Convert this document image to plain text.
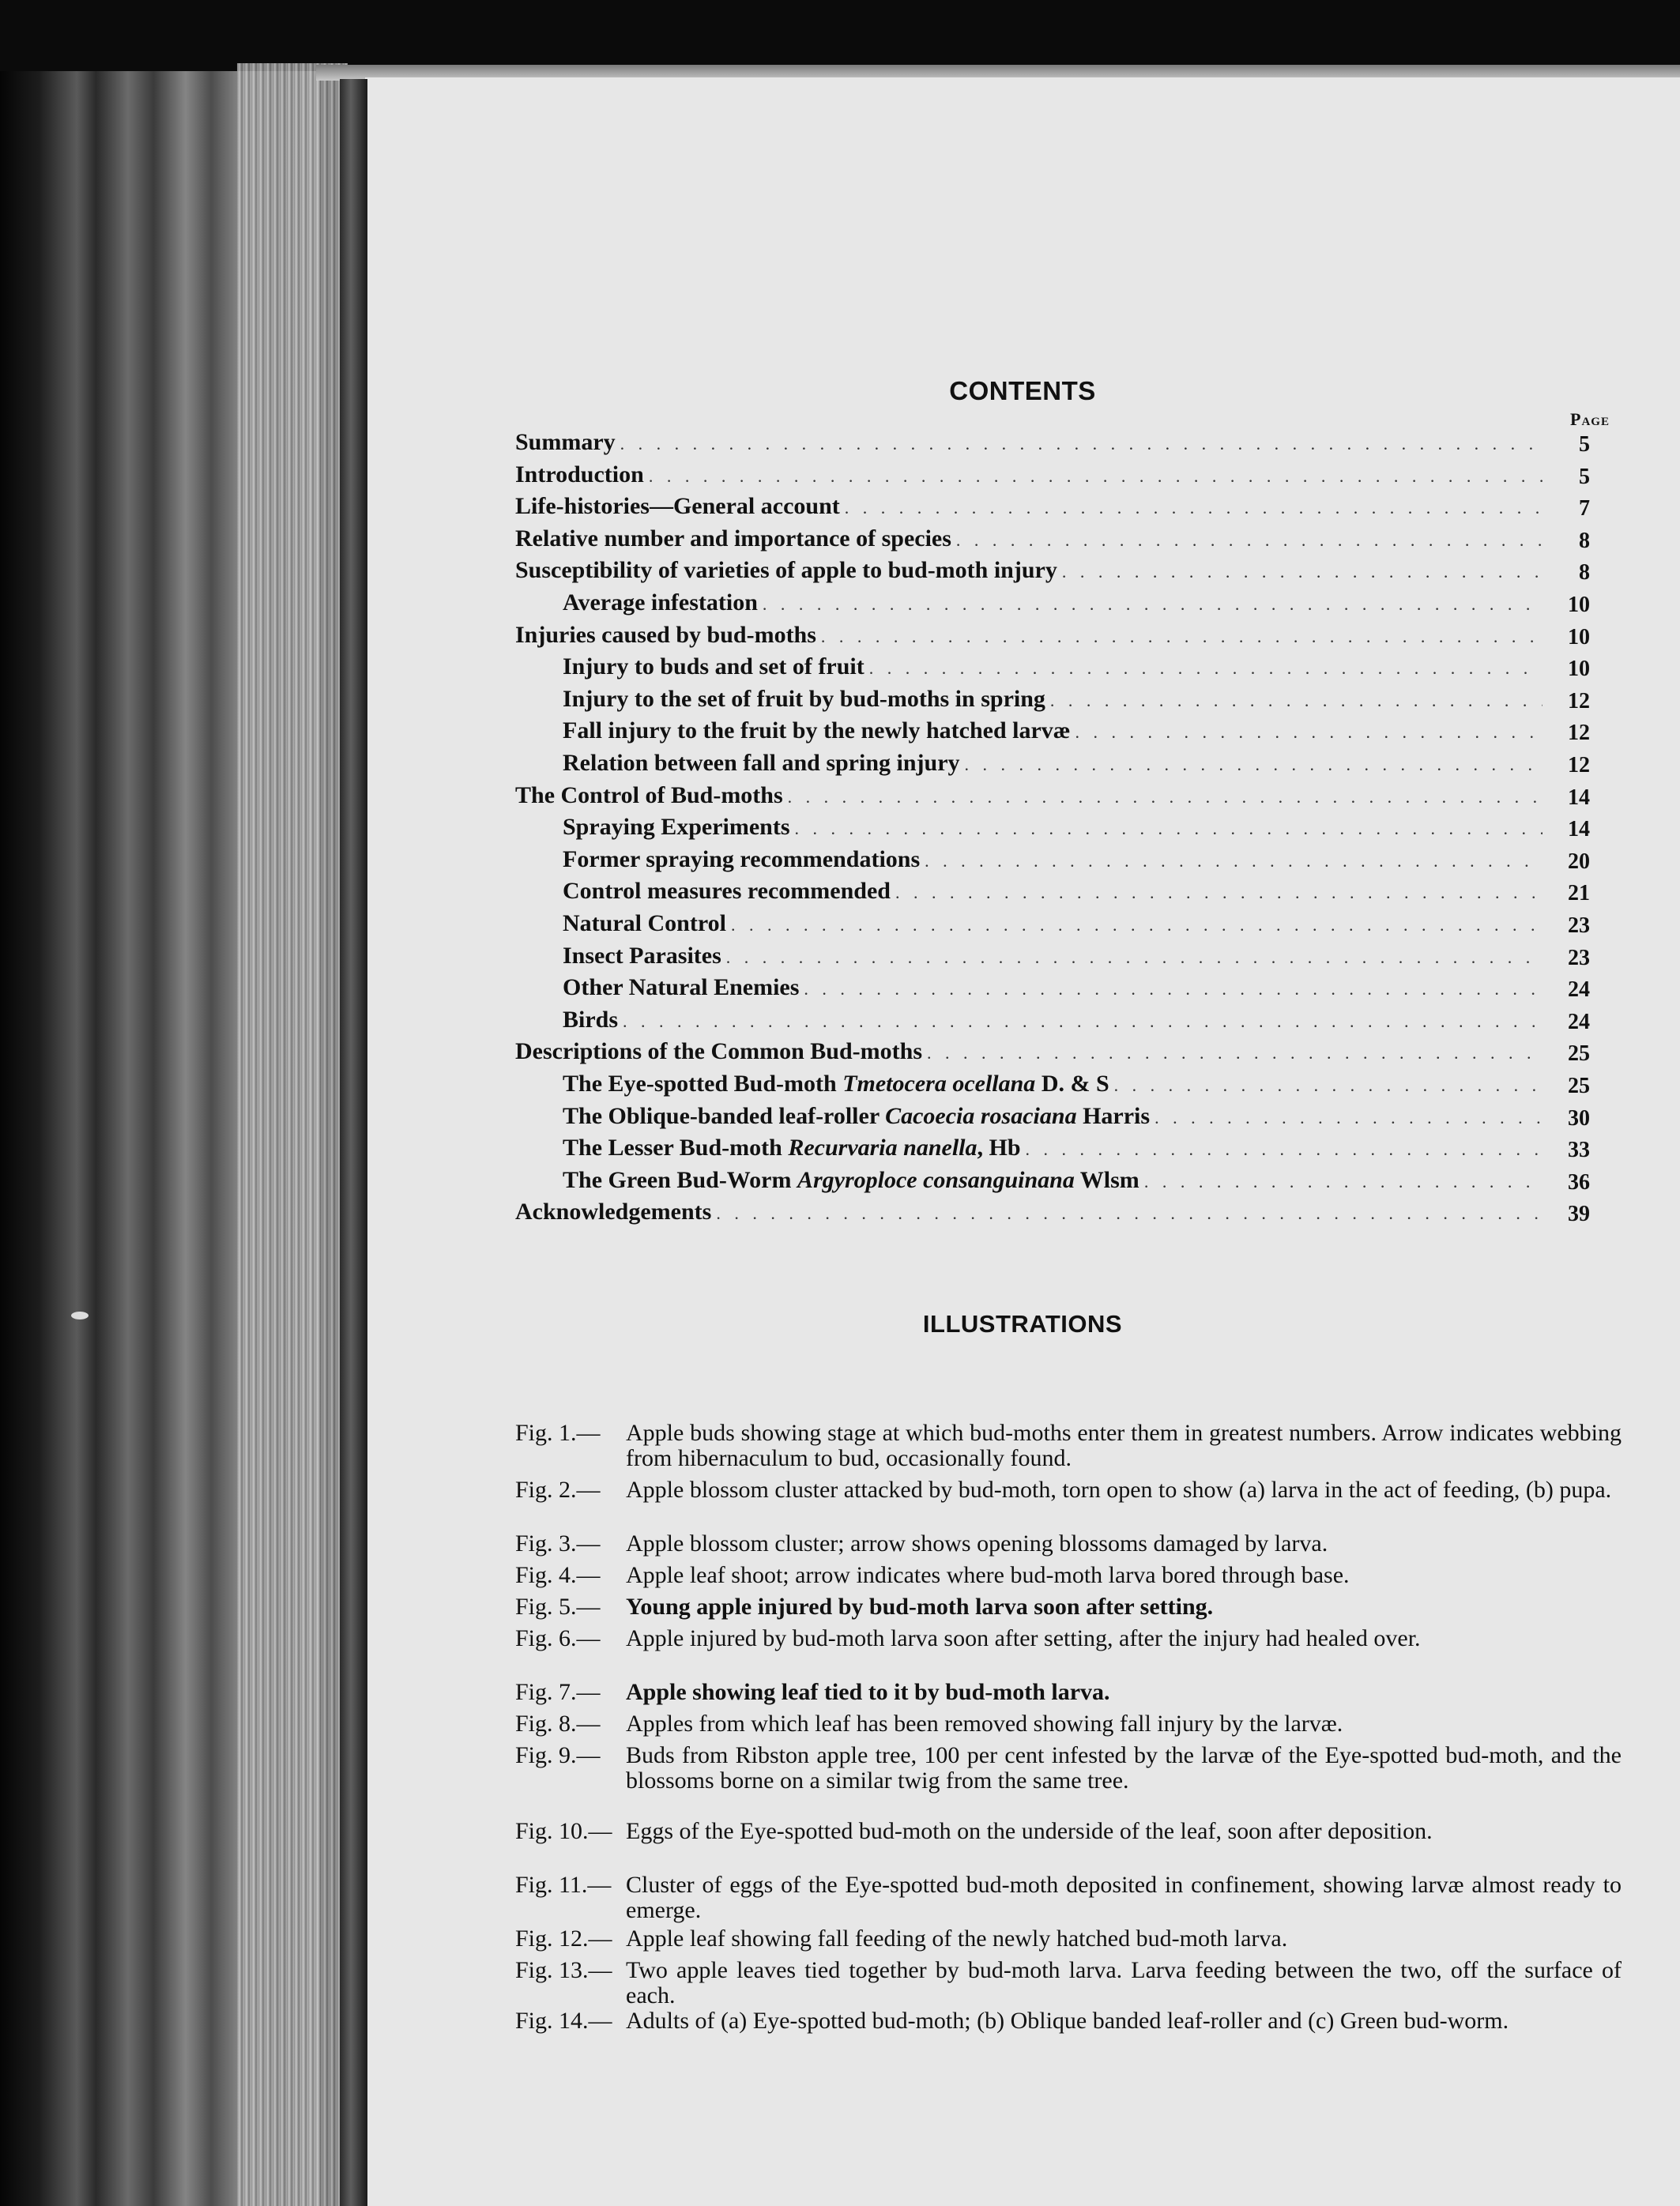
CONTENTS
Page
Summary . . .	5
Introduction . . .	5
Life-histories—General account . . .	7
Relative number and importance of species . . .	8
Susceptibility of varieties of apple to bud-moth injury . . .	8
Average infestation . . .	10
Injuries caused by bud-moths . . .	10
Injury to buds and set of fruit . . .	10
Injury to the set of fruit by bud-moths in spring . . .	12
Fall injury to the fruit by the newly hatched larvæ . . .	12
Relation between fall and spring injury . . .	12
The Control of Bud-moths . . .	14
Spraying Experiments . . .	14
Former spraying recommendations . . .	20
Control measures recommended . . .	21
Natural Control . . .	23
Insect Parasites . . .	23
Other Natural Enemies . . .	24
Birds . . .	24
Descriptions of the Common Bud-moths . . .	25
The Eye-spotted Bud-moth Tmetocera ocellana D. & S . . .	25
The Oblique-banded leaf-roller Cacoecia rosaciana Harris . . .	30
The Lesser Bud-moth Recurvaria nanella, Hb . . .	33
The Green Bud-Worm Argyroploce consanguinana Wlsm . . .	36
Acknowledgements . . .	39
ILLUSTRATIONS
Fig. 1.—	Apple buds showing stage at which bud-moths enter them in greatest numbers. Arrow indicates webbing from hibernaculum to bud, occasionally found.
Fig. 2.—	Apple blossom cluster attacked by bud-moth, torn open to show (a) larva in the act of feeding, (b) pupa.
Fig. 3.—	Apple blossom cluster; arrow shows opening blossoms damaged by larva.
Fig. 4.—	Apple leaf shoot; arrow indicates where bud-moth larva bored through base.
Fig. 5.—	Young apple injured by bud-moth larva soon after setting.
Fig. 6.—	Apple injured by bud-moth larva soon after setting, after the injury had healed over.
Fig. 7.—	Apple showing leaf tied to it by bud-moth larva.
Fig. 8.—	Apples from which leaf has been removed showing fall injury by the larvæ.
Fig. 9.—	Buds from Ribston apple tree, 100 per cent infested by the larvæ of the Eye-spotted bud-moth, and the blossoms borne on a similar twig from the same tree.
Fig. 10.— Eggs of the Eye-spotted bud-moth on the underside of the leaf, soon after deposition.
Fig. 11.— Cluster of eggs of the Eye-spotted bud-moth deposited in confinement, showing larvæ almost ready to emerge.
Fig. 12.— Apple leaf showing fall feeding of the newly hatched bud-moth larva.
Fig. 13.— Two apple leaves tied together by bud-moth larva. Larva feeding between the two, off the surface of each.
Fig. 14.— Adults of (a) Eye-spotted bud-moth; (b) Oblique banded leaf-roller and (c) Green bud-worm.
